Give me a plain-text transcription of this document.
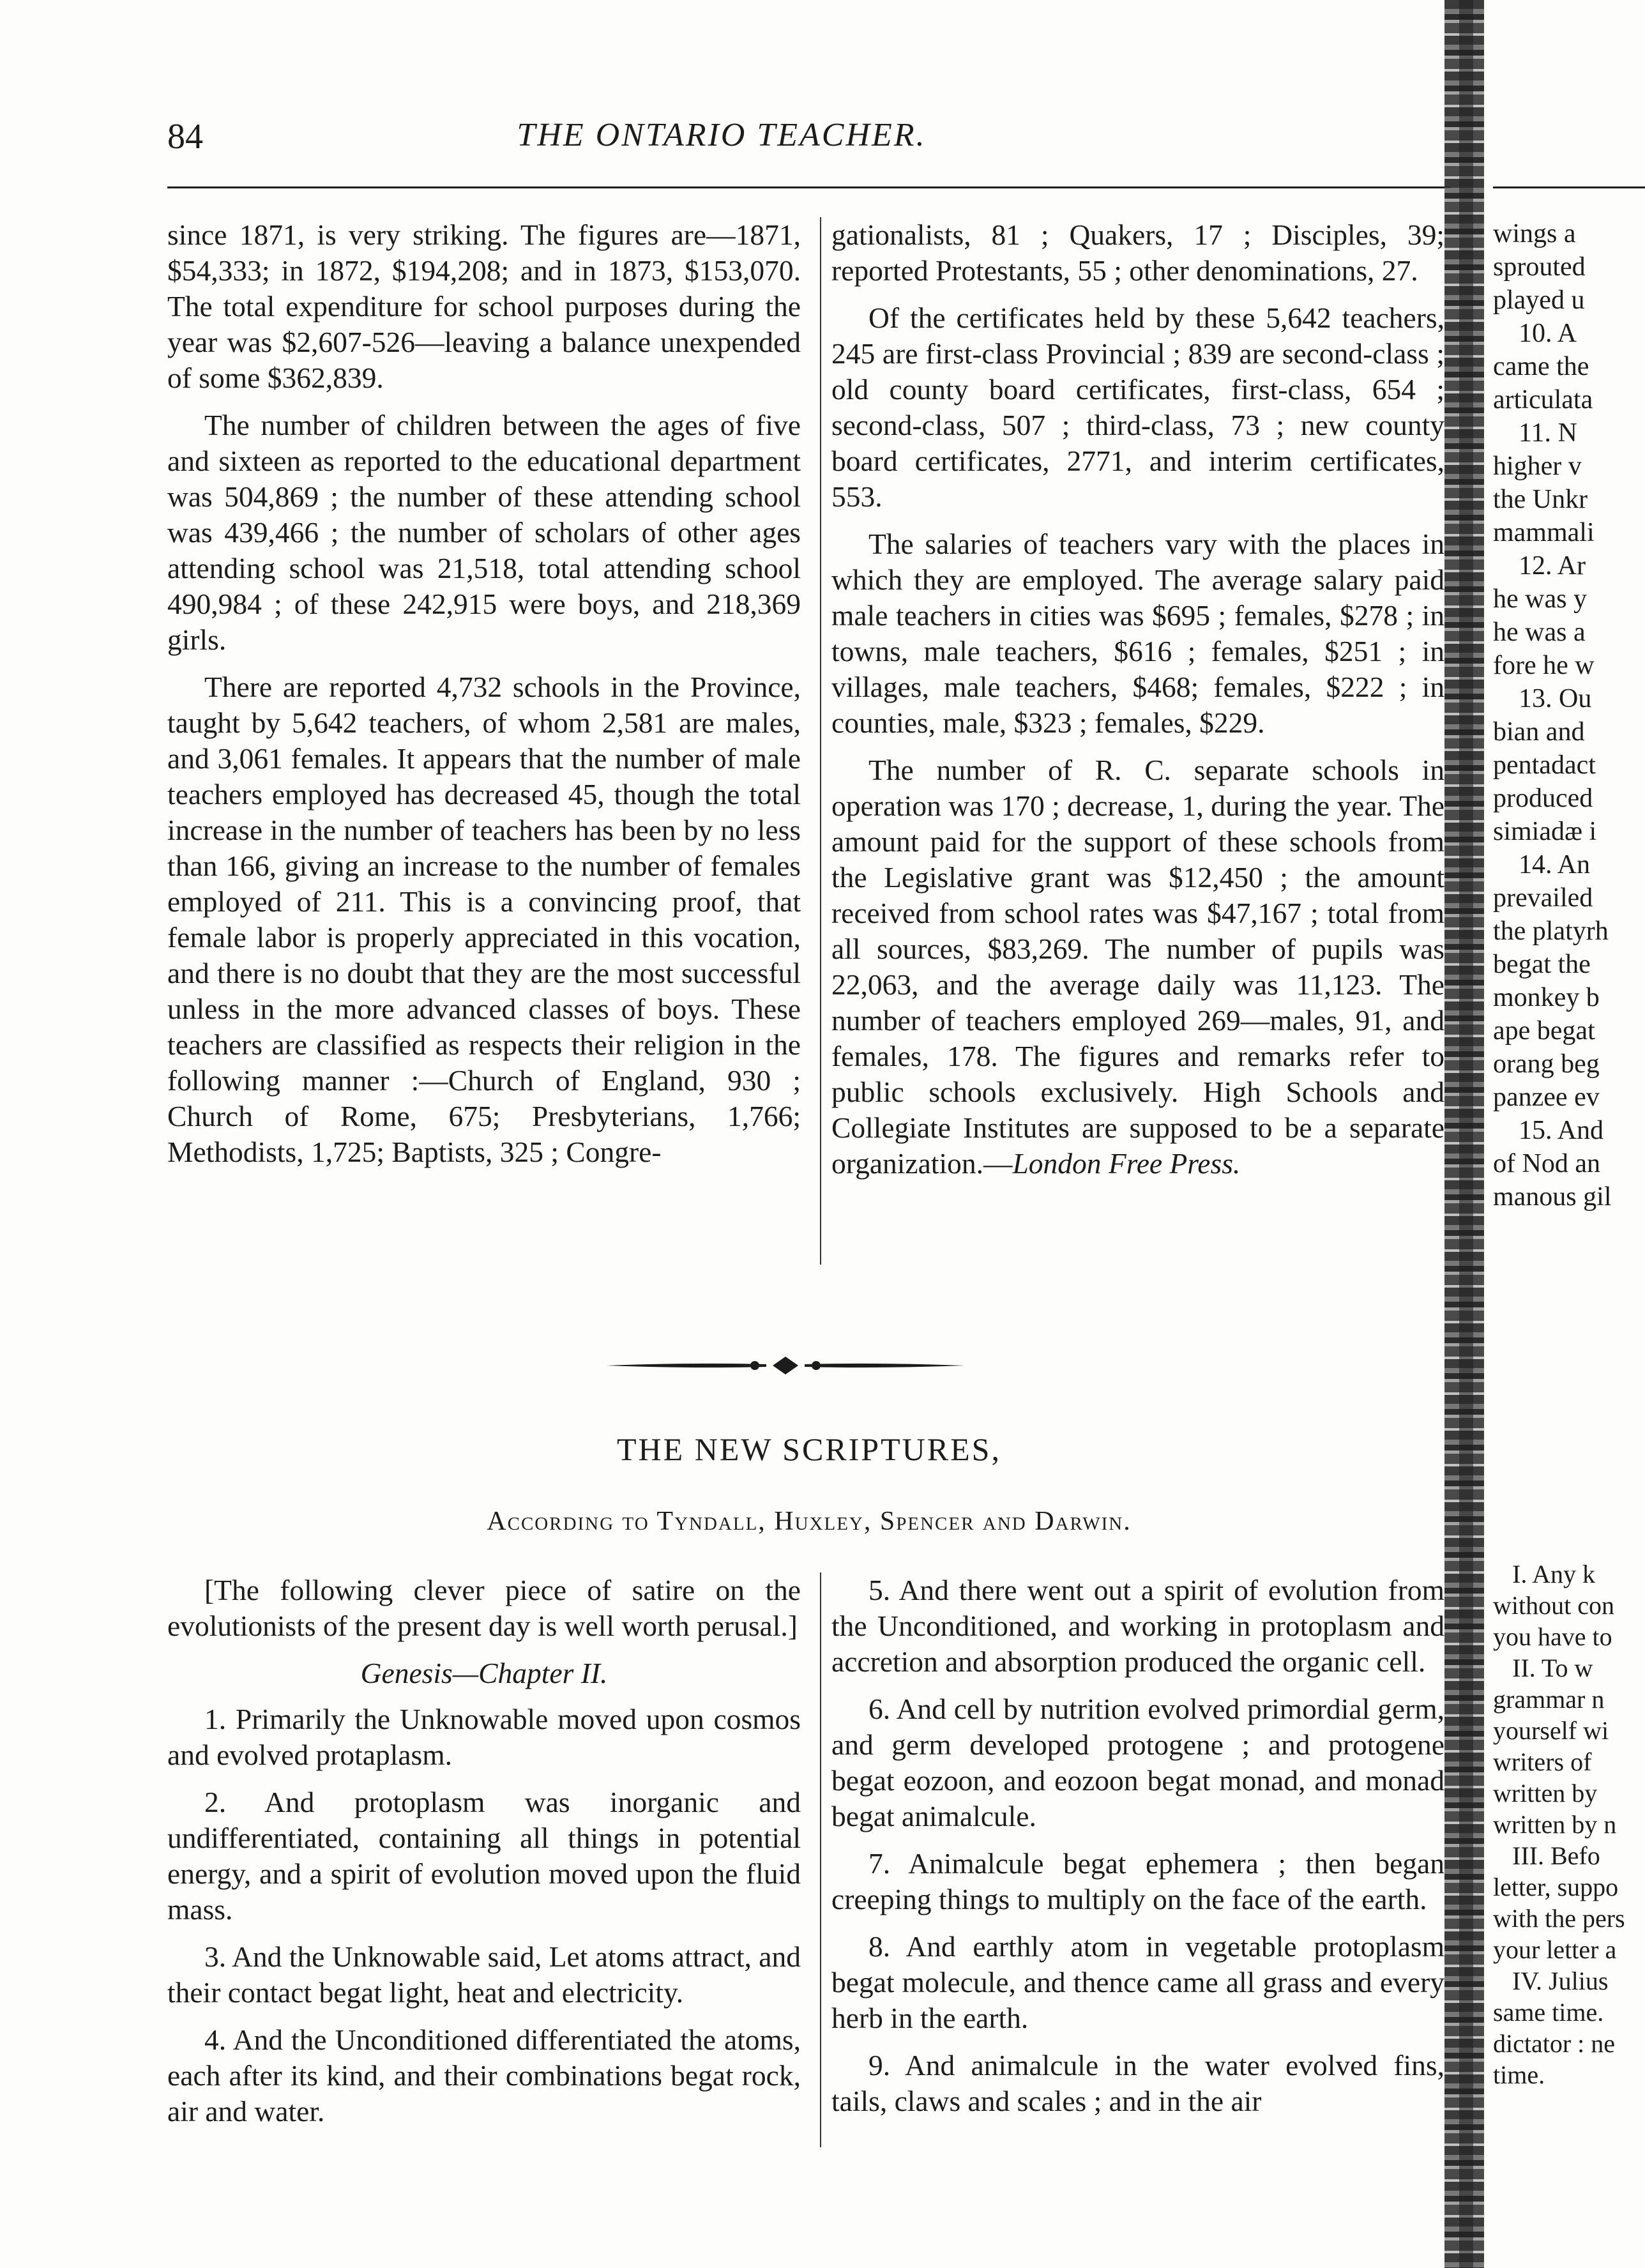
84	THE ONTARIO TEACHER.

since 1871, is very striking. The figures are—1871, $54,333; in 1872, $194,208; and in 1873, $153,070. The total expenditure for school purposes during the year was $2,607-526—leaving a balance unexpended of some $362,839.

The number of children between the ages of five and sixteen as reported to the educational department was 504,869 ; the number of these attending school was 439,466 ; the number of scholars of other ages attending school was 21,518, total attending school 490,984 ; of these 242,915 were boys, and 218,369 girls.

There are reported 4,732 schools in the Province, taught by 5,642 teachers, of whom 2,581 are males, and 3,061 females. It appears that the number of male teachers employed has decreased 45, though the total increase in the number of teachers has been by no less than 166, giving an increase to the number of females employed of 211. This is a convincing proof, that female labor is properly appreciated in this vocation, and there is no doubt that they are the most successful unless in the more advanced classes of boys. These teachers are classified as respects their religion in the following manner :—Church of England, 930 ; Church of Rome, 675; Presbyterians, 1,766; Methodists, 1,725; Baptists, 325 ; Congre-

gationalists, 81 ; Quakers, 17 ; Disciples, 39; reported Protestants, 55 ; other denominations, 27.

Of the certificates held by these 5,642 teachers, 245 are first-class Provincial ; 839 are second-class ; old county board certificates, first-class, 654 ; second-class, 507 ; third-class, 73 ; new county board certificates, 2771, and interim certificates, 553.

The salaries of teachers vary with the places in which they are employed. The average salary paid male teachers in cities was $695 ; females, $278 ; in towns, male teachers, $616 ; females, $251 ; in villages, male teachers, $468; females, $222 ; in counties, male, $323 ; females, $229.

The number of R. C. separate schools in operation was 170 ; decrease, 1, during the year. The amount paid for the support of these schools from the Legislative grant was $12,450 ; the amount received from school rates was $47,167 ; total from all sources, $83,269. The number of pupils was 22,063, and the average daily was 11,123. The number of teachers employed 269—males, 91, and females, 178. The figures and remarks refer to public schools exclusively. High Schools and Collegiate Institutes are supposed to be a separate organization.—London Free Press.

THE NEW SCRIPTURES,
According to Tyndall, Huxley, Spencer and Darwin.

[The following clever piece of satire on the evolutionists of the present day is well worth perusal.]

Genesis—Chapter II.

1. Primarily the Unknowable moved upon cosmos and evolved protaplasm.

2. And protoplasm was inorganic and undifferentiated, containing all things in potential energy, and a spirit of evolution moved upon the fluid mass.

3. And the Unknowable said, Let atoms attract, and their contact begat light, heat and electricity.

4. And the Unconditioned differentiated the atoms, each after its kind, and their combinations begat rock, air and water.

5. And there went out a spirit of evolution from the Unconditioned, and working in protoplasm and accretion and absorption produced the organic cell.

6. And cell by nutrition evolved primordial germ, and germ developed protogene ; and protogene begat eozoon, and eozoon begat monad, and monad begat animalcule.

7. Animalcule begat ephemera ; then began creeping things to multiply on the face of the earth.

8. And earthly atom in vegetable protoplasm begat molecule, and thence came all grass and every herb in the earth.

9. And animalcule in the water evolved fins, tails, claws and scales ; and in the air

wings a
sprouted
played u
10. A
came the
articulata
11. N
higher v
the Unkr
mammali
12. Ar
he was y
he was a
fore he w
13. Ou
bian and
pentadact
produced
simiadæ i
14. An
prevailed
the platyrh
begat the
monkey b
ape begat
orang beg
panzee ev
15. And
of Nod an
manous gil
I. Any k
without con
you have to
II. To w
grammar n
yourself wi
writers of
written by
written by n
III. Befo
letter, suppo
with the pers
your letter a
IV. Julius
same time.
dictator : ne
time.
